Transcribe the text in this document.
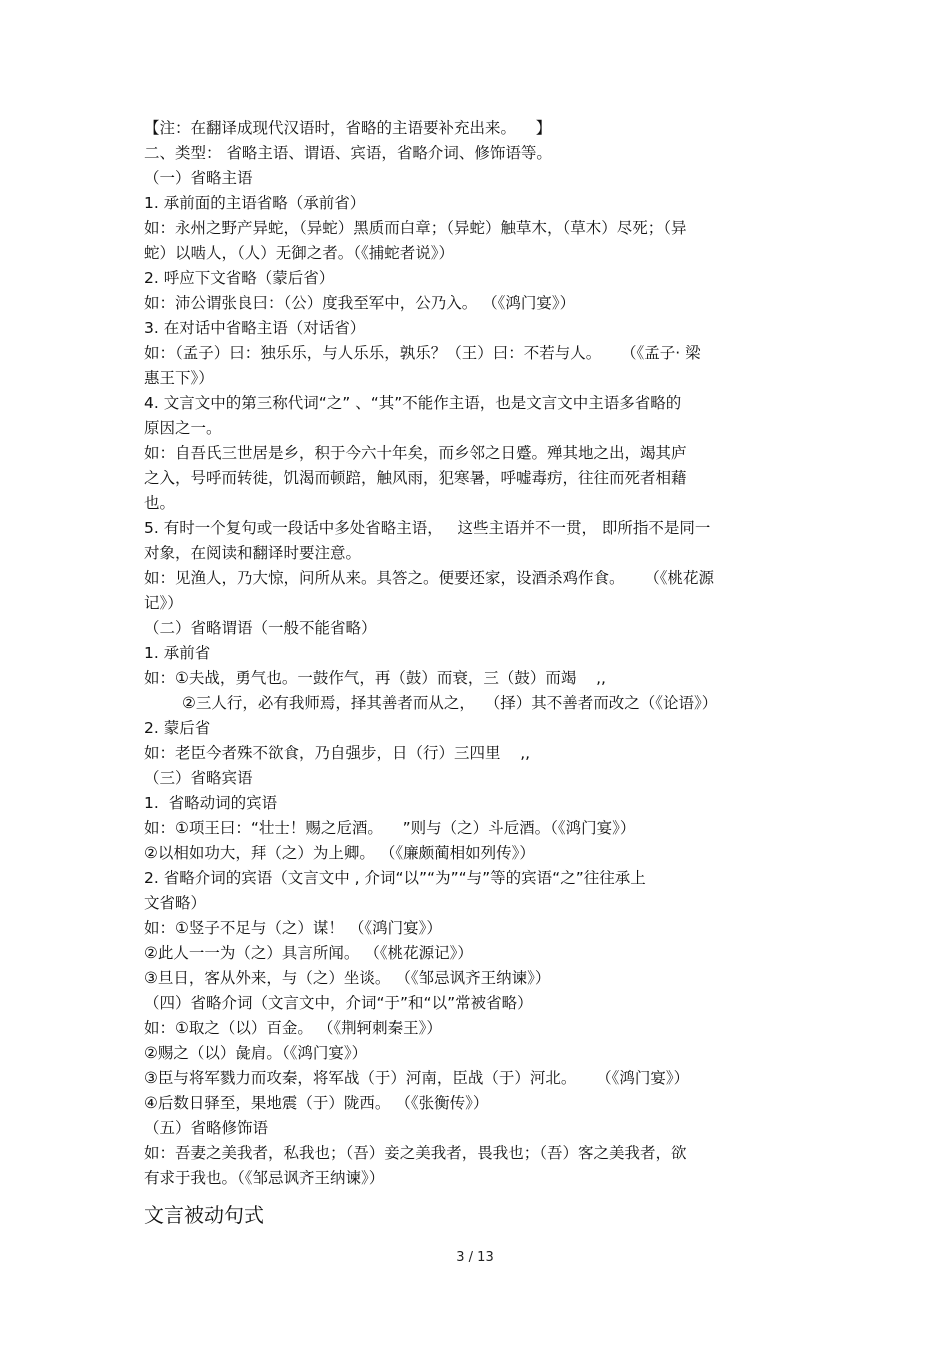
【注：在翻译成现代汉语时，省略的主语要补充出来。    】
二、类型： 省略主语、谓语、宾语，省略介词、修饰语等。
（一）省略主语
1. 承前面的主语省略（承前省）
如：永州之野产异蛇，（异蛇）黑质而白章；（异蛇）触草木，（草木）尽死；（异
蛇）以啮人，（人）无御之者。（《捕蛇者说》）
2. 呼应下文省略（蒙后省）
如：沛公谓张良曰：（公）度我至军中，公乃入。 （《鸿门宴》）
3. 在对话中省略主语（对话省）
如：（孟子）曰：独乐乐，与人乐乐，孰乐？（王）曰：不若与人。    （《孟子· 梁
惠王下》）
4. 文言文中的第三称代词“之” 、“其”不能作主语，也是文言文中主语多省略的
原因之一。
如：自吾氏三世居是乡，积于今六十年矣，而乡邻之日蹙。殚其地之出，竭其庐
之入，号呼而转徙，饥渴而顿踣，触风雨，犯寒暑，呼嘘毒疠，往往而死者相藉
也。
5. 有时一个复句或一段话中多处省略主语，   这些主语并不一贯， 即所指不是同一
对象，在阅读和翻译时要注意。
如：见渔人，乃大惊，问所从来。具答之。便要还家，设酒杀鸡作食。    （《桃花源
记》）
（二）省略谓语（一般不能省略）
1. 承前省
如：①夫战，勇气也。一鼓作气，再（鼓）而衰，三（鼓）而竭    ,,
②三人行，必有我师焉，择其善者而从之，  （择）其不善者而改之（《论语》）
2. 蒙后省
如：老臣今者殊不欲食，乃自强步，日（行）三四里    ,,
（三）省略宾语
1.  省略动词的宾语
如：①项王曰：“壮士！赐之卮酒。    ”则与（之）斗卮酒。（《鸿门宴》）
②以相如功大，拜（之）为上卿。 （《廉颇蔺相如列传》）
2. 省略介词的宾语（文言文中 , 介词“以”“为”“与”等的宾语“之”往往承上
文省略）
如：①竖子不足与（之）谋！ （《鸿门宴》）
②此人一一为（之）具言所闻。 （《桃花源记》）
③旦日，客从外来，与（之）坐谈。 （《邹忌讽齐王纳谏》）
（四）省略介词（文言文中，介词“于”和“以”常被省略）
如：①取之（以）百金。 （《荆轲刺秦王》）
②赐之（以）彘肩。（《鸿门宴》）
③臣与将军戮力而攻秦，将军战（于）河南，臣战（于）河北。    （《鸿门宴》）
④后数日驿至，果地震（于）陇西。 （《张衡传》）
（五）省略修饰语
如：吾妻之美我者，私我也；（吾）妾之美我者，畏我也；（吾）客之美我者，欲
有求于我也。（《邹忌讽齐王纳谏》）
文言被动句式
3 / 13
